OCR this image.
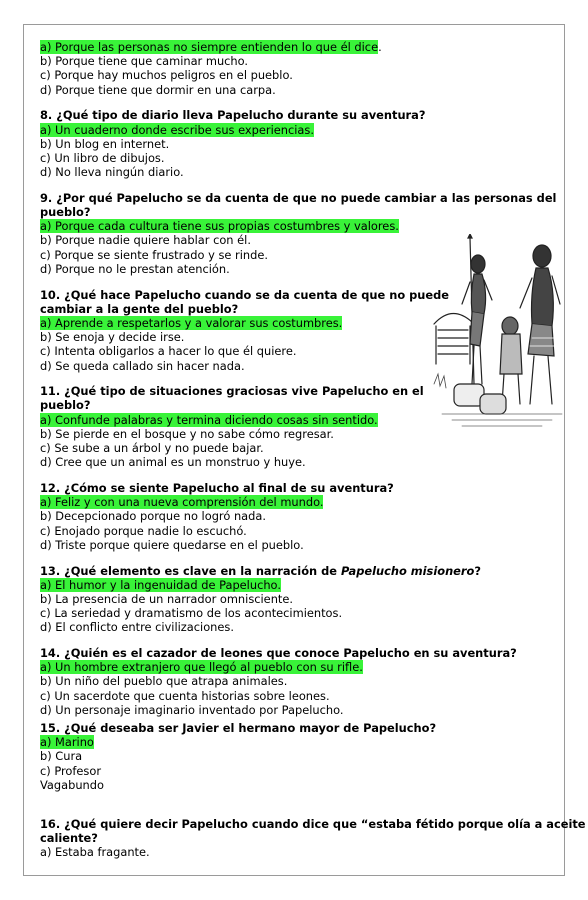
a) Porque las personas no siempre entienden lo que él dice.
b) Porque tiene que caminar mucho.
c) Porque hay muchos peligros en el pueblo.
d) Porque tiene que dormir en una carpa.
8. ¿Qué tipo de diario lleva Papelucho durante su aventura?
a) Un cuaderno donde escribe sus experiencias.
b) Un blog en internet.
c) Un libro de dibujos.
d) No lleva ningún diario.
9. ¿Por qué Papelucho se da cuenta de que no puede cambiar a las personas del
pueblo?
a) Porque cada cultura tiene sus propias costumbres y valores.
b) Porque nadie quiere hablar con él.
c) Porque se siente frustrado y se rinde.
d) Porque no le prestan atención.
10. ¿Qué hace Papelucho cuando se da cuenta de que no puede
cambiar a la gente del pueblo?
a) Aprende a respetarlos y a valorar sus costumbres.
b) Se enoja y decide irse.
c) Intenta obligarlos a hacer lo que él quiere.
d) Se queda callado sin hacer nada.
11. ¿Qué tipo de situaciones graciosas vive Papelucho en el
pueblo?
a) Confunde palabras y termina diciendo cosas sin sentido.
b) Se pierde en el bosque y no sabe cómo regresar.
c) Se sube a un árbol y no puede bajar.
d) Cree que un animal es un monstruo y huye.
12. ¿Cómo se siente Papelucho al final de su aventura?
a) Feliz y con una nueva comprensión del mundo.
b) Decepcionado porque no logró nada.
c) Enojado porque nadie lo escuchó.
d) Triste porque quiere quedarse en el pueblo.
13. ¿Qué elemento es clave en la narración de Papelucho misionero?
a) El humor y la ingenuidad de Papelucho.
b) La presencia de un narrador omnisciente.
c) La seriedad y dramatismo de los acontecimientos.
d) El conflicto entre civilizaciones.
14. ¿Quién es el cazador de leones que conoce Papelucho en su aventura?
a) Un hombre extranjero que llegó al pueblo con su rifle.
b) Un niño del pueblo que atrapa animales.
c) Un sacerdote que cuenta historias sobre leones.
d) Un personaje imaginario inventado por Papelucho.
15. ¿Qué deseaba ser Javier el hermano mayor de Papelucho?
a) Marino
b) Cura
c) Profesor
Vagabundo
16. ¿Qué quiere decir Papelucho cuando dice que “estaba fétido porque olía a aceite
caliente?
a) Estaba fragante.
